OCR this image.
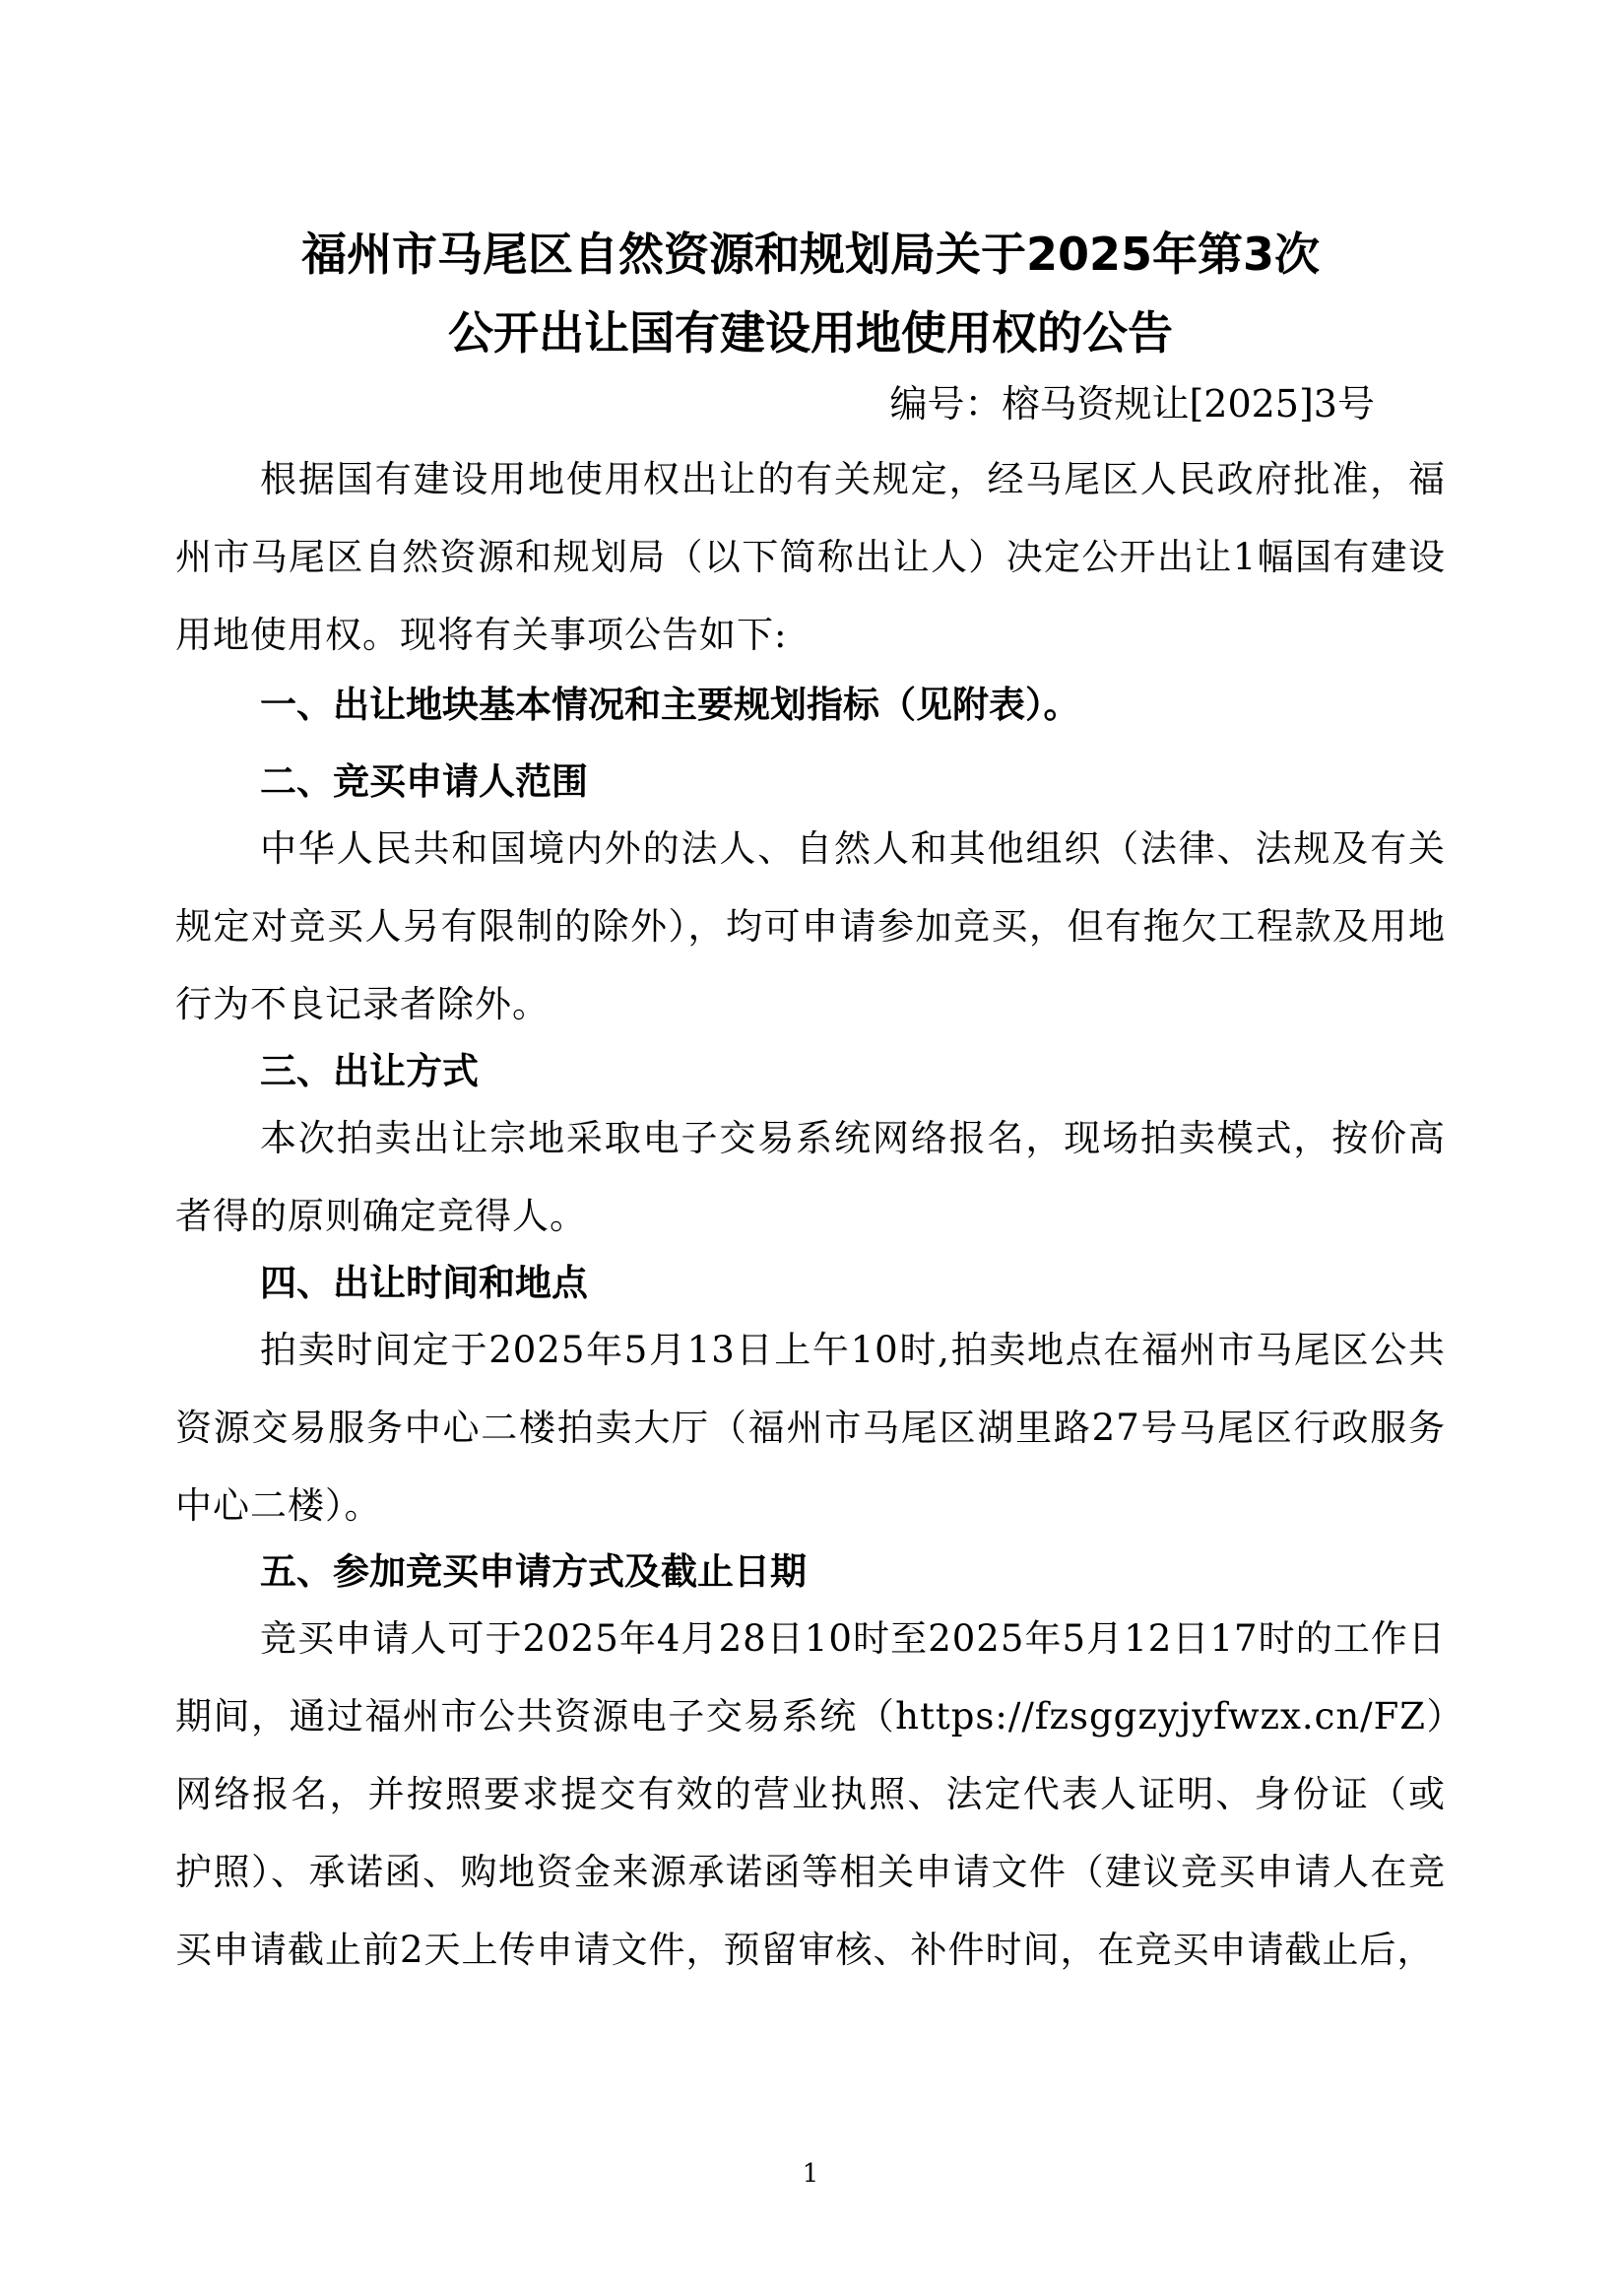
福州市马尾区自然资源和规划局关于2025年第3次
公开出让国有建设用地使用权的公告
编号：榕马资规让[2025]3号

根据国有建设用地使用权出让的有关规定，经马尾区人民政府批准，福州市马尾区自然资源和规划局（以下简称出让人）决定公开出让1幅国有建设用地使用权。现将有关事项公告如下:

一、出让地块基本情况和主要规划指标（见附表）。
二、竞买申请人范围

中华人民共和国境内外的法人、自然人和其他组织（法律、法规及有关规定对竞买人另有限制的除外），均可申请参加竞买，但有拖欠工程款及用地行为不良记录者除外。

三、出让方式

本次拍卖出让宗地采取电子交易系统网络报名，现场拍卖模式，按价高者得的原则确定竞得人。

四、出让时间和地点

拍卖时间定于2025年5月13日上午10时,拍卖地点在福州市马尾区公共资源交易服务中心二楼拍卖大厅（福州市马尾区湖里路27号马尾区行政服务中心二楼）。

五、参加竞买申请方式及截止日期

竞买申请人可于2025年4月28日10时至2025年5月12日17时的工作日期间，通过福州市公共资源电子交易系统（https://fzsggzyjyfwzx.cn/FZ）网络报名，并按照要求提交有效的营业执照、法定代表人证明、身份证（或护照）、承诺函、购地资金来源承诺函等相关申请文件（建议竞买申请人在竞买申请截止前2天上传申请文件，预留审核、补件时间，在竞买申请截止后，

1
